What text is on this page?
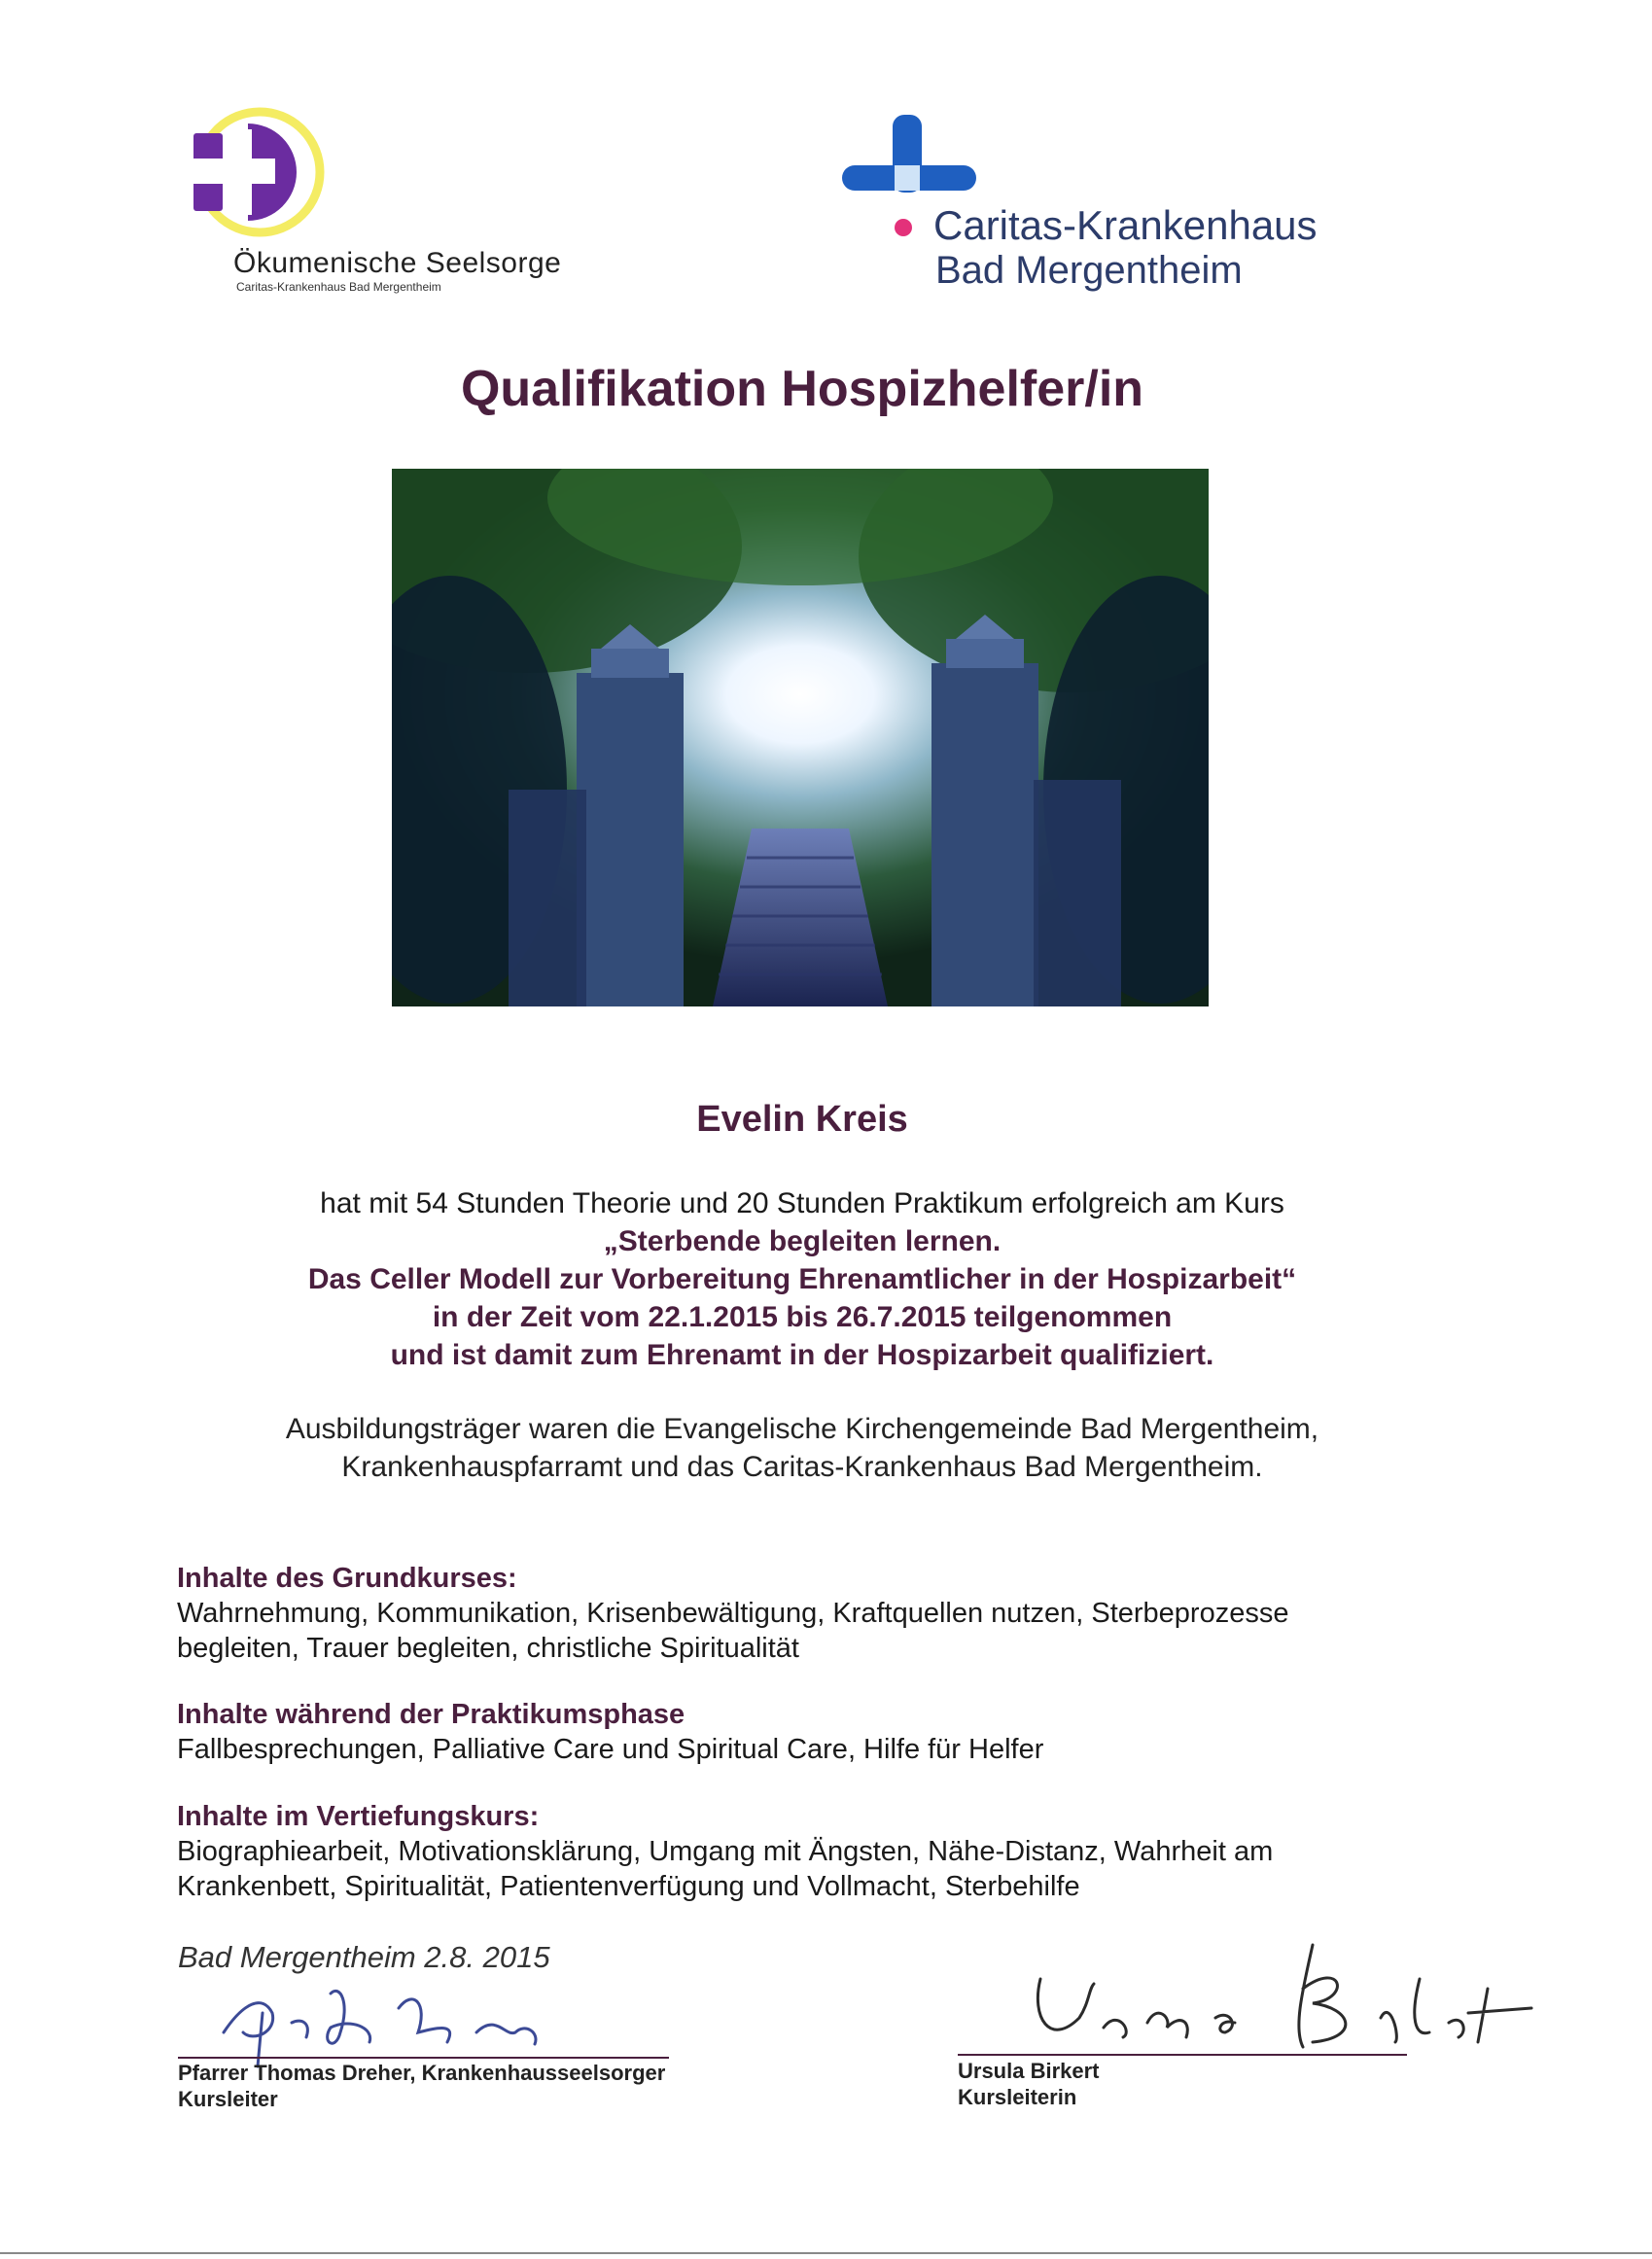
Ökumenische Seelsorge
Caritas-Krankenhaus Bad Mergentheim
Caritas-Krankenhaus
Bad Mergentheim
Qualifikation Hospizhelfer/in
Evelin Kreis
hat mit 54 Stunden Theorie und 20 Stunden Praktikum erfolgreich am Kurs
„Sterbende begleiten lernen.
Das Celler Modell zur Vorbereitung Ehrenamtlicher in der Hospizarbeit“
in der Zeit vom 22.1.2015 bis 26.7.2015 teilgenommen
und ist damit zum Ehrenamt in der Hospizarbeit qualifiziert.
Ausbildungsträger waren die Evangelische Kirchengemeinde Bad Mergentheim,
Krankenhauspfarramt und das Caritas-Krankenhaus Bad Mergentheim.
Inhalte des Grundkurses:
Wahrnehmung, Kommunikation, Krisenbewältigung, Kraftquellen nutzen, Sterbeprozesse
begleiten, Trauer begleiten, christliche Spiritualität
Inhalte während der Praktikumsphase
Fallbesprechungen, Palliative Care und Spiritual Care, Hilfe für Helfer
Inhalte im Vertiefungskurs:
Biographiearbeit, Motivationsklärung, Umgang mit Ängsten, Nähe-Distanz, Wahrheit am
Krankenbett, Spiritualität, Patientenverfügung und Vollmacht, Sterbehilfe
Bad Mergentheim 2.8. 2015
Pfarrer Thomas Dreher, Krankenhausseelsorger
Kursleiter
Ursula Birkert
Kursleiterin
